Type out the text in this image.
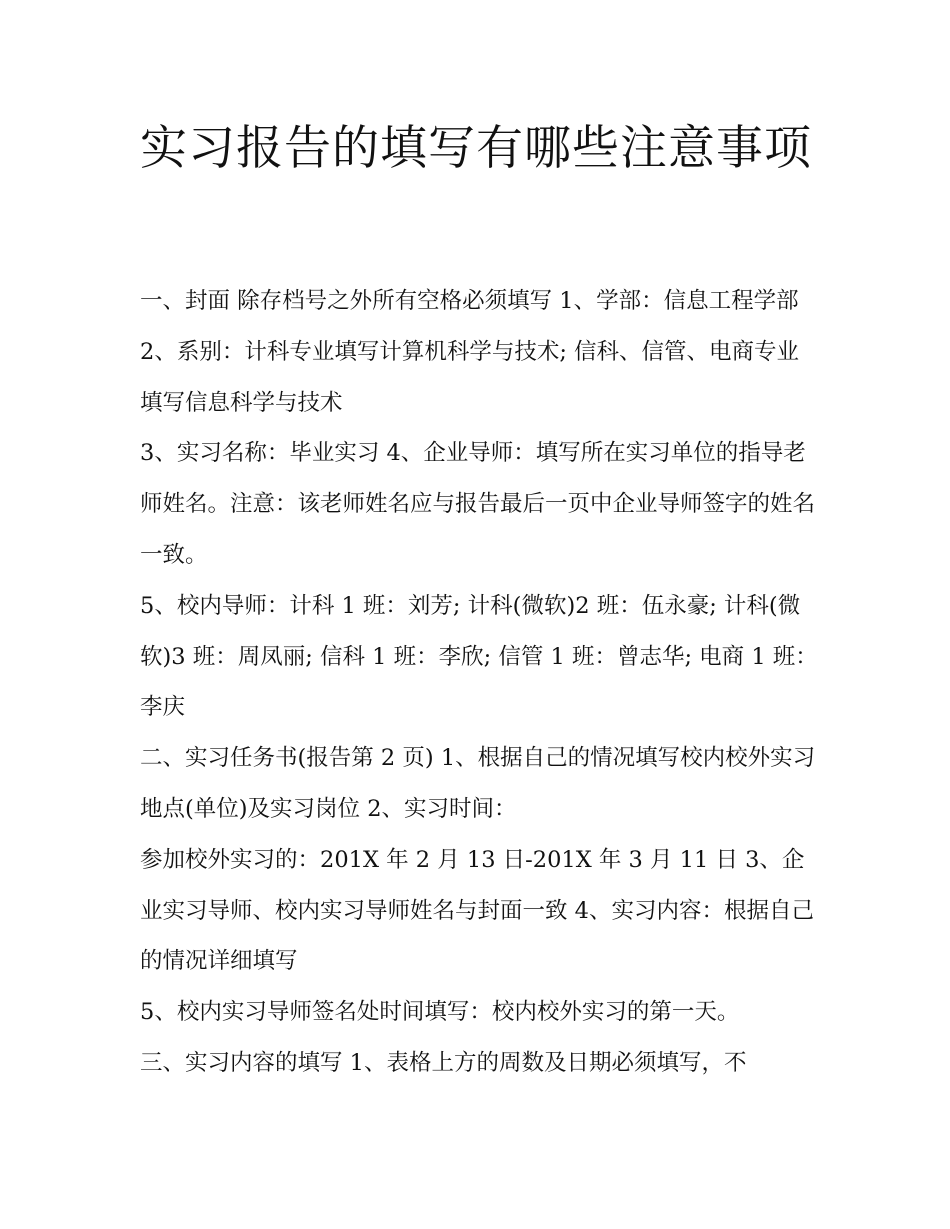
实习报告的填写有哪些注意事项

一、封面 除存档号之外所有空格必须填写 1、学部：信息工程学部 2、系别：计科专业填写计算机科学与技术; 信科、信管、电商专业填写信息科学与技术

3、实习名称：毕业实习 4、企业导师：填写所在实习单位的指导老师姓名。注意：该老师姓名应与报告最后一页中企业导师签字的姓名一致。

5、校内导师：计科 1 班：刘芳; 计科(微软)2 班：伍永豪; 计科(微软)3 班：周凤丽; 信科 1 班：李欣; 信管 1 班：曾志华; 电商 1 班：李庆

二、实习任务书(报告第 2 页) 1、根据自己的情况填写校内校外实习地点(单位)及实习岗位 2、实习时间：

参加校外实习的：201X 年 2 月 13 日-201X 年 3 月 11 日 3、企业实习导师、校内实习导师姓名与封面一致 4、实习内容：根据自己的情况详细填写

5、校内实习导师签名处时间填写：校内校外实习的第一天。

三、实习内容的填写 1、表格上方的周数及日期必须填写，不
